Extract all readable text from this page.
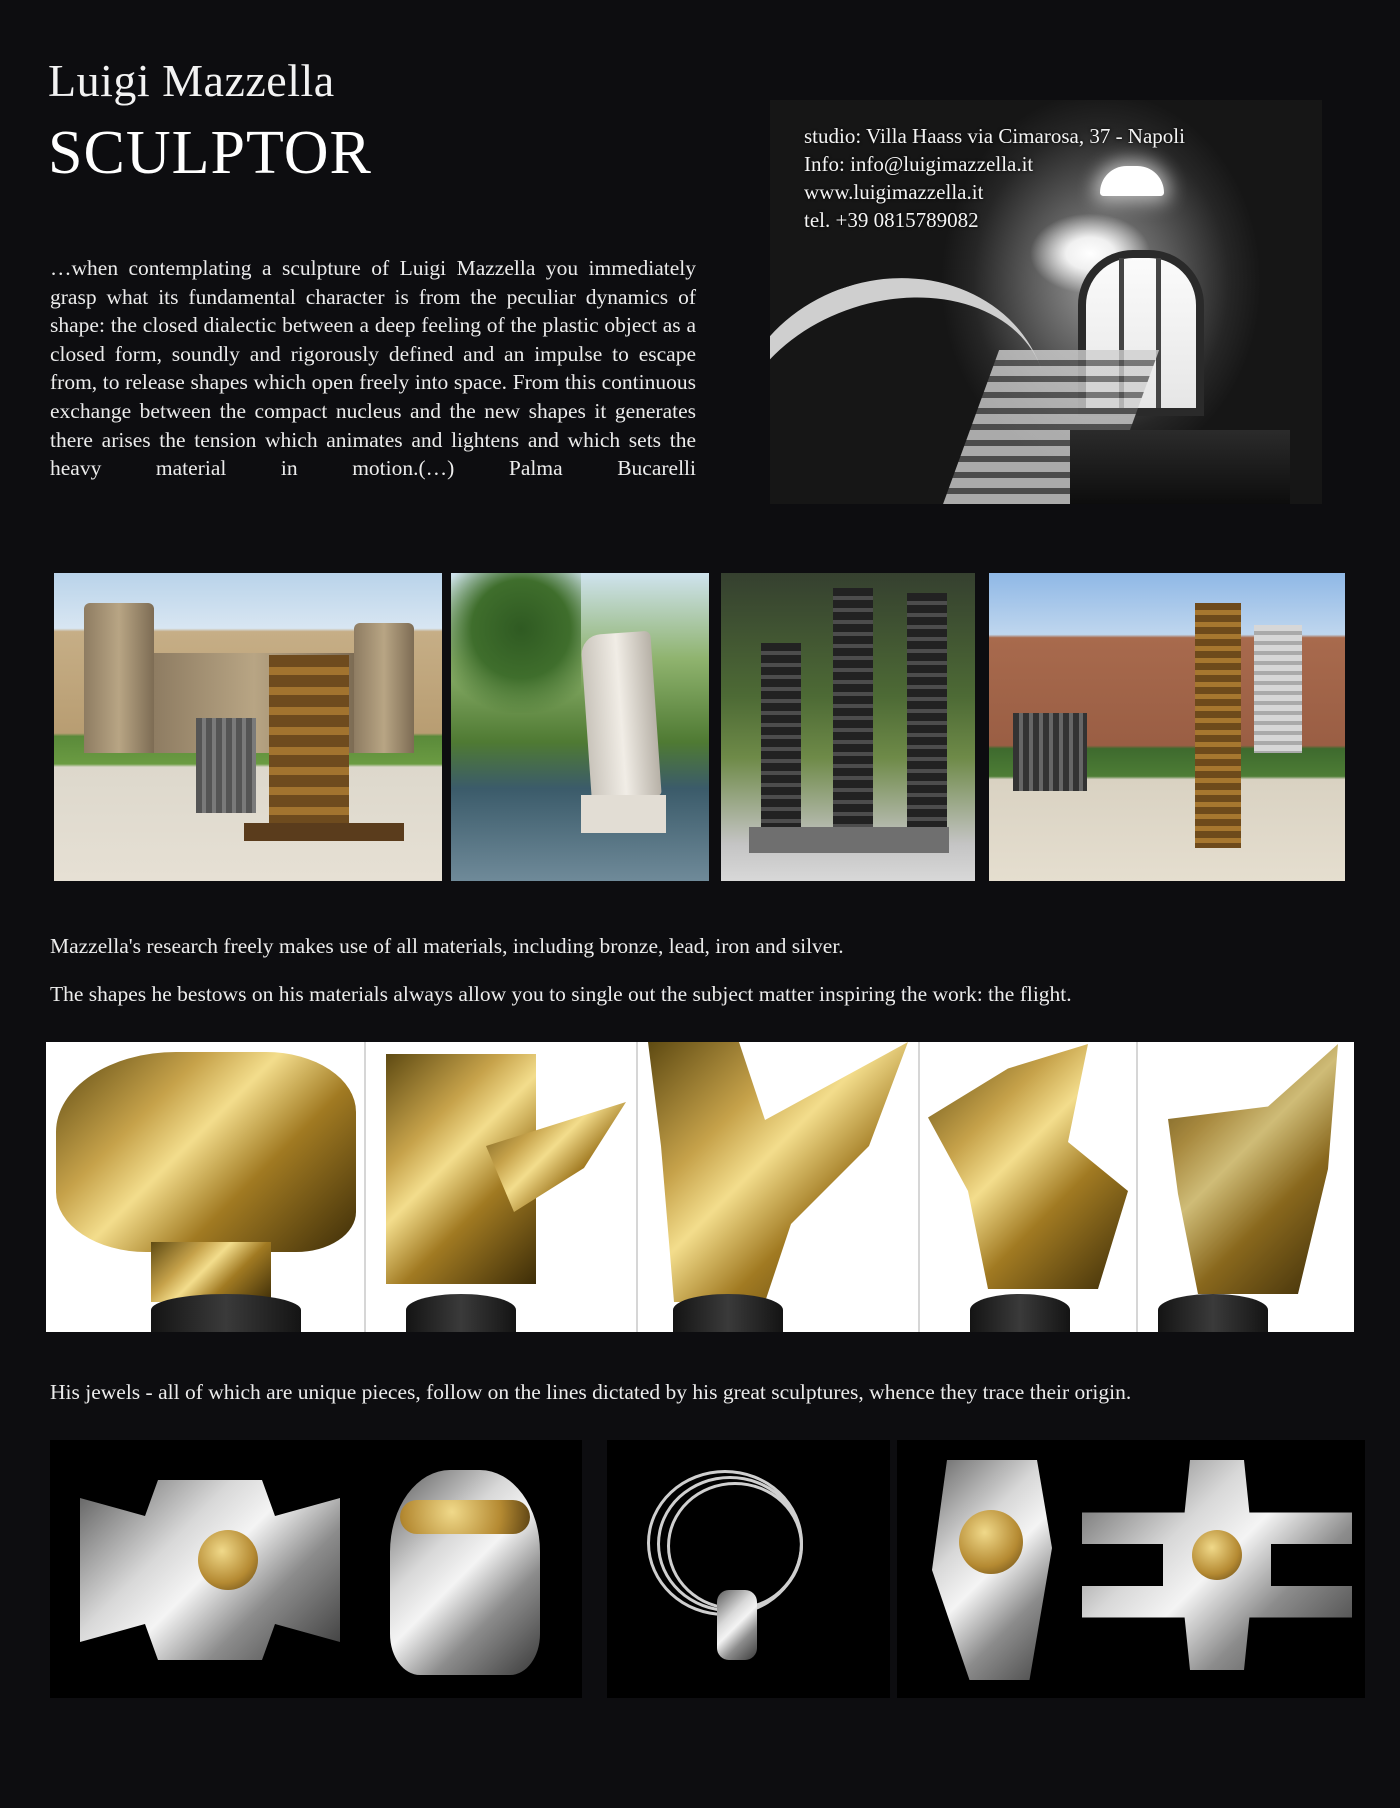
Luigi Mazzella
SCULPTOR
…when contemplating a sculpture of Luigi Mazzella you immediately grasp what its fundamental character is from the peculiar dynamics of shape: the closed dialectic between a deep feeling of the plastic object as a closed form, soundly and rigorously defined and an impulse to escape from, to release shapes which open freely into space. From this continuous exchange between the compact nucleus and the new shapes it generates there arises the tension which animates and lightens and which sets the heavy material in motion.(…) Palma Bucarelli
studio: Villa Haass via Cimarosa, 37 - Napoli
Info: info@luigimazzella.it
www.luigimazzella.it
tel. +39 0815789082
Mazzella's research freely makes use of all materials, including bronze, lead, iron and silver.
The shapes he bestows on his materials always allow you to single out the subject matter inspiring the work: the flight.
His jewels - all of which are unique pieces, follow on the lines dictated by his great sculptures, whence they trace their origin.
